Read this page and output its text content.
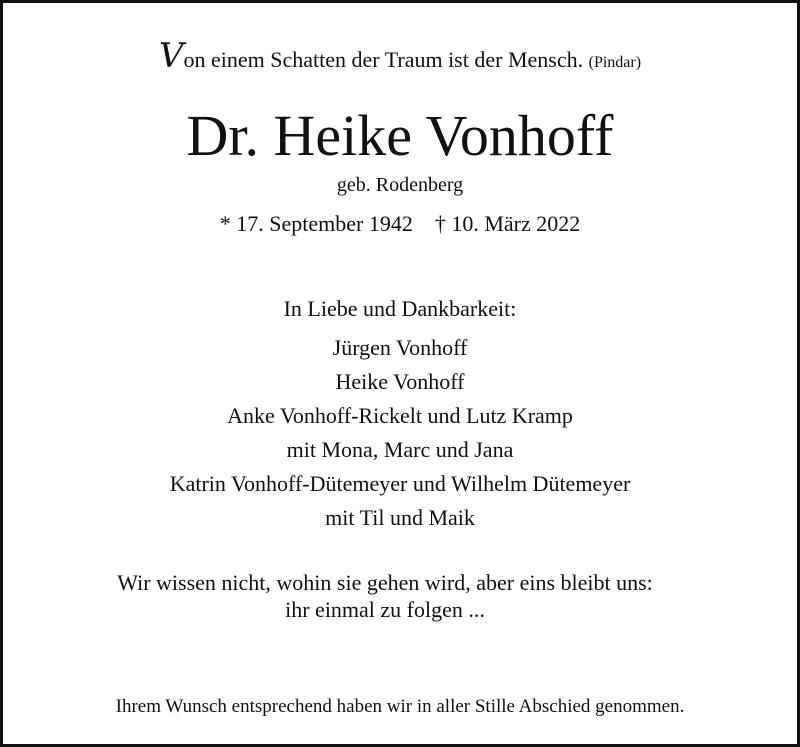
Von einem Schatten der Traum ist der Mensch. (Pindar)
Dr. Heike Vonhoff
geb. Rodenberg
* 17. September 1942 † 10. März 2022
In Liebe und Dankbarkeit:
Jürgen Vonhoff
Heike Vonhoff
Anke Vonhoff-Rickelt und Lutz Kramp
mit Mona, Marc und Jana
Katrin Vonhoff-Dütemeyer und Wilhelm Dütemeyer
mit Til und Maik
Wir wissen nicht, wohin sie gehen wird, aber eins bleibt uns:
ihr einmal zu folgen ...
Ihrem Wunsch entsprechend haben wir in aller Stille Abschied genommen.
